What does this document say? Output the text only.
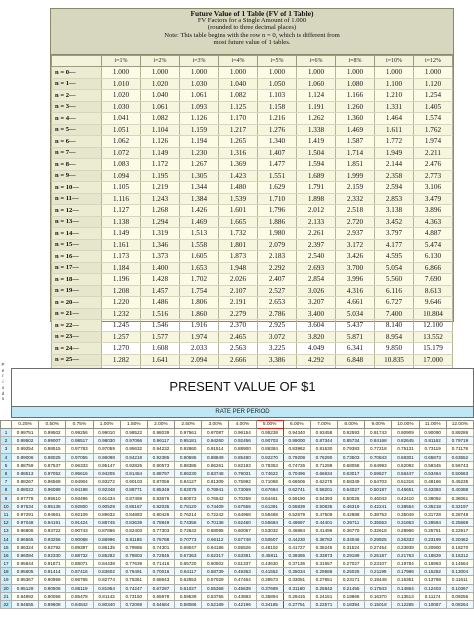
Future Value of 1 Table (FV of 1 Table)
FV Factors for a Single Amount of 1.000
(rounded to three decimal places)
Note: This table begins with the row n = 0, which is different from
most future value of 1 tables.
	i=1%	i=2%	i=3%	i=4%	i=5%	i=6%	i=8%	i=10%	i=12%
n = 0—	1.000	1.000	1.000	1.000	1.000	1.000	1.000	1.000	1.000
n = 1—	1.010	1.020	1.030	1.040	1.050	1.060	1.080	1.100	1.120
n = 2—	1.020	1.040	1.061	1.082	1.103	1.124	1.166	1.210	1.254
n = 3—	1.030	1.061	1.093	1.125	1.158	1.191	1.260	1.331	1.405
n = 4—	1.041	1.082	1.126	1.170	1.216	1.262	1.360	1.464	1.574
n = 5—	1.051	1.104	1.159	1.217	1.276	1.338	1.469	1.611	1.762
n = 6—	1.062	1.126	1.194	1.265	1.340	1.419	1.587	1.772	1.974
n = 7—	1.072	1.149	1.230	1.316	1.407	1.504	1.714	1.949	2.211
n = 8—	1.083	1.172	1.267	1.369	1.477	1.594	1.851	2.144	2.476
n = 9—	1.094	1.195	1.305	1.423	1.551	1.689	1.999	2.358	2.773
n = 10—	1.105	1.219	1.344	1.480	1.629	1.791	2.159	2.594	3.106
n = 11—	1.116	1.243	1.384	1.539	1.710	1.898	2.332	2.853	3.479
n = 12—	1.127	1.268	1.426	1.601	1.796	2.012	2.518	3.138	3.896
n = 13—	1.138	1.294	1.469	1.665	1.886	2.133	2.720	3.452	4.363
n = 14—	1.149	1.319	1.513	1.732	1.980	2.261	2.937	3.797	4.887
n = 15—	1.161	1.346	1.558	1.801	2.079	2.397	3.172	4.177	5.474
n = 16—	1.173	1.373	1.605	1.873	2.183	2.540	3.426	4.595	6.130
n = 17—	1.184	1.400	1.653	1.948	2.292	2.693	3.700	5.054	6.866
n = 18—	1.196	1.428	1.702	2.026	2.407	2.854	3.996	5.560	7.690
n = 19—	1.208	1.457	1.754	2.107	2.527	3.026	4.316	6.116	8.613
n = 20—	1.220	1.486	1.806	2.191	2.653	3.207	4.661	6.727	9.646
n = 21—	1.232	1.516	1.860	2.279	2.786	3.400	5.034	7.400	10.804
n = 22—	1.245	1.546	1.916	2.370	2.925	3.604	5.437	8.140	12.100
n = 23—	1.257	1.577	1.974	2.465	3.072	3.820	5.871	8.954	13.552
n = 24—	1.270	1.608	2.033	2.563	3.225	4.049	6.341	9.850	15.179
n = 25—	1.282	1.641	2.094	2.666	3.386	4.292	6.848	10.835	17.000

P
e
r
i
o
d
s
PRESENT VALUE OF $1
RATE PER PERIOD
	0.25%	0.50%	0.75%	1.00%	1.50%	2.00%	2.50%	3.00%	4.00%	5.00%	6.00%	7.00%	8.00%	9.00%	10.00%	11.00%	12.00%
1	0.99751	0.99502	0.99256	0.99010	0.98522	0.98039	0.97561	0.97087	0.96154	0.95238	0.94340	0.93458	0.92593	0.91743	0.90909	0.90090	0.89286
2	0.99502	0.99007	0.98517	0.98030	0.97066	0.96117	0.95181	0.94260	0.92456	0.90703	0.89000	0.87344	0.85734	0.84168	0.82645	0.81162	0.79719
3	0.99254	0.98515	0.97783	0.97059	0.95632	0.94232	0.92860	0.91514	0.88900	0.86384	0.83962	0.81630	0.79383	0.77218	0.75131	0.73119	0.71178
4	0.99006	0.98025	0.97055	0.96098	0.94218	0.92385	0.90595	0.88849	0.85480	0.82270	0.79209	0.76290	0.73503	0.70843	0.68301	0.65873	0.63552
5	0.98759	0.97537	0.96333	0.95147	0.92826	0.90573	0.88385	0.86261	0.82193	0.78353	0.74726	0.71299	0.68058	0.64993	0.62092	0.59345	0.56743
6	0.98513	0.97052	0.95616	0.94205	0.91454	0.88797	0.86230	0.83748	0.79031	0.74622	0.70496	0.66634	0.63017	0.59627	0.56447	0.53464	0.50663
7	0.98267	0.96569	0.94904	0.93272	0.90103	0.87056	0.84127	0.81309	0.75992	0.71068	0.66506	0.62275	0.58349	0.54703	0.51316	0.48166	0.45235
8	0.98022	0.96089	0.94198	0.92348	0.88771	0.85349	0.82075	0.78941	0.73069	0.67684	0.62741	0.58201	0.54027	0.50187	0.46651	0.43393	0.40388
9	0.97778	0.95610	0.93496	0.91434	0.87459	0.83676	0.80073	0.76642	0.70259	0.64461	0.59190	0.54393	0.50025	0.46043	0.42410	0.39092	0.36061
10	0.97534	0.95135	0.92800	0.90529	0.86167	0.82035	0.78120	0.74409	0.67556	0.61391	0.55839	0.50835	0.46319	0.42241	0.38554	0.35218	0.32197
11	0.97291	0.94661	0.92109	0.89632	0.84893	0.80426	0.76214	0.72242	0.64958	0.58468	0.52679	0.47509	0.42888	0.38753	0.35049	0.31728	0.28748
12	0.97048	0.94191	0.91424	0.88745	0.83639	0.78849	0.74356	0.70138	0.62460	0.55684	0.49697	0.44401	0.39711	0.35553	0.31863	0.28584	0.25668
13	0.96806	0.93722	0.90743	0.87866	0.82403	0.77303	0.72542	0.68095	0.60057	0.53032	0.46884	0.41496	0.36770	0.32618	0.28966	0.25751	0.22917
14	0.96565	0.93256	0.90068	0.86996	0.81185	0.75788	0.70773	0.66112	0.57748	0.50507	0.44230	0.38782	0.34046	0.29925	0.26333	0.23199	0.20462
15	0.96324	0.92792	0.89397	0.86135	0.79985	0.74301	0.69047	0.64186	0.55526	0.48102	0.41727	0.36245	0.31524	0.27454	0.23939	0.20900	0.18270
16	0.96084	0.92330	0.88732	0.85282	0.78803	0.72845	0.67363	0.62317	0.53391	0.45811	0.39365	0.33873	0.29189	0.25187	0.21763	0.18829	0.16312
17	0.95844	0.91871	0.88071	0.84438	0.77639	0.71416	0.65720	0.60502	0.51337	0.43630	0.37136	0.31657	0.27027	0.23107	0.19784	0.16963	0.14564
18	0.95605	0.91414	0.87416	0.83602	0.76491	0.70016	0.64117	0.58739	0.49363	0.41552	0.35034	0.29586	0.25025	0.21199	0.17986	0.15282	0.13004
19	0.95367	0.90959	0.86765	0.82774	0.75361	0.68643	0.62553	0.57029	0.47464	0.39573	0.33051	0.27651	0.23171	0.19449	0.16351	0.13768	0.11611
20	0.95129	0.90506	0.86119	0.81954	0.74247	0.67297	0.61027	0.55368	0.45639	0.37689	0.31180	0.25842	0.21455	0.17843	0.14864	0.12403	0.10367
21	0.94892	0.90056	0.85478	0.81143	0.73150	0.65978	0.59539	0.53755	0.43883	0.35894	0.29416	0.24151	0.19866	0.16370	0.13513	0.11174	0.09256
22	0.94655	0.89608	0.84842	0.80340	0.72069	0.64684	0.58086	0.52189	0.42196	0.34185	0.27751	0.22571	0.18394	0.15018	0.12285	0.10067	0.08264
